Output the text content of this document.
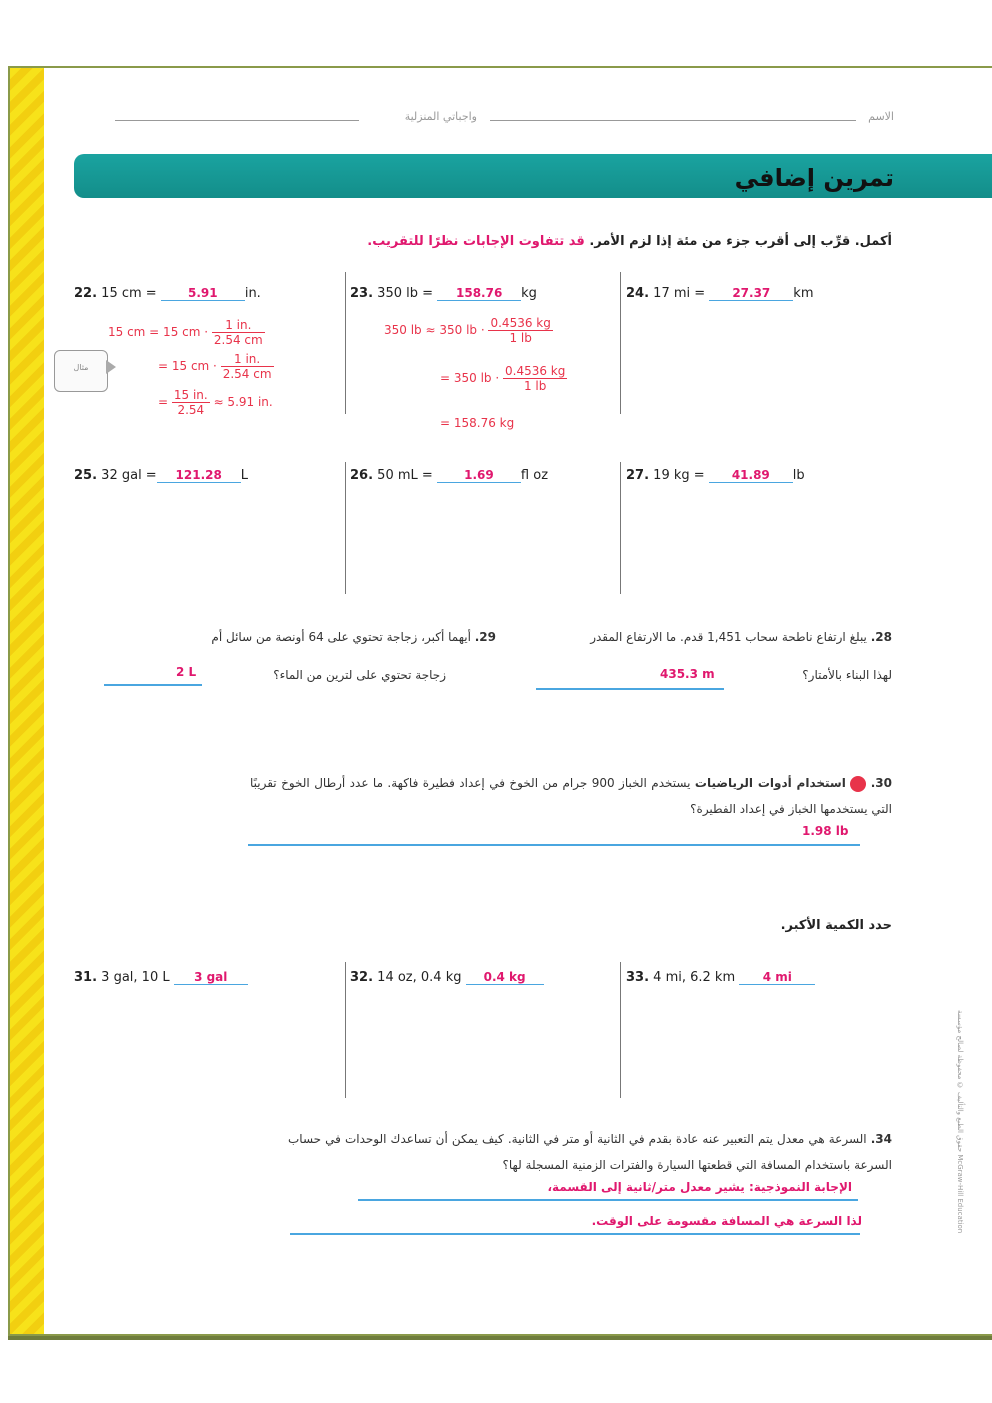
الاسم
واجباتي المنزلية
تمرين إضافي
أكمل. قرِّب إلى أقرب جزء من مئة إذا لزم الأمر. قد تتفاوت الإجابات نظرًا للتقريب.
22. 15 cm =	5.91 in.
15 cm = 15 cm · $\frac{1 in.}{2.54 cm}$
= 15 cm · $\frac{1 in.}{2.54 cm}$
= $\frac{15 in.}{2.54} \approx 5.91$ in.
مثال
23. 350 lb = 158.76 kg
350 lb ≈ 350 lb · $\frac{0.4536 kg}{1 lb}$
= 350 lb · $\frac{0.4536 kg}{1 lb}$
= 158.76 kg
24. 17 mi = 27.37 km
25. 32 gal = 121.28 L	26. 50 mL =	1.69 fl oz	27. 19 kg = 41.89 lb
28. يبلغ ارتفاع ناطحة سحاب 1,451 قدم. ما الارتفاع المقدر
لهذا البناء بالأمتار؟
435.3 m
29. أيهما أكبر، زجاجة تحتوي على 64 أونصة من سائل أم
زجاجة تحتوي على لترين من الماء؟
2 L
30.  استخدام أدوات الرياضيات يستخدم الخباز 900 جرام من الخوخ في إعداد فطيرة فاكهة. ما عدد أرطال الخوخ تقريبًا التي يستخدمها الخباز في إعداد الفطيرة؟
1.98 lb
حدد الكمية الأكبر.
31. 3 gal, 10 L 3 gal	32. 14 oz, 0.4 kg 0.4 kg	33. 4 mi, 6.2 km 4 mi
34. السرعة هي معدل يتم التعبير عنه عادة بقدم في الثانية أو متر في الثانية. كيف يمكن أن تساعدك الوحدات في حساب السرعة باستخدام المسافة التي قطعتها السيارة والفترات الزمنية المسجلة لها؟
الإجابة النموذجية: يشير معدل متر/ثانية إلى القسمة،
لذا السرعة هي المسافة مقسومة على الوقت.
حقوق الطبع والتأليف © محفوظة لصالح مؤسسة McGraw-Hill Education
